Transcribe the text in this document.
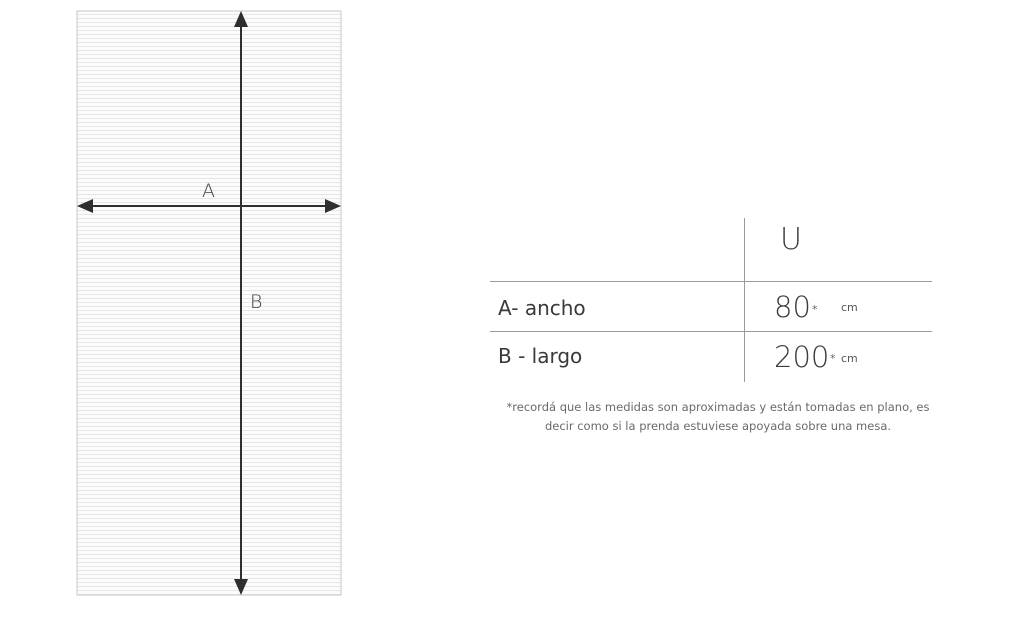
A
B
U
A- ancho	80 * cm
B - largo	200 * cm
*recordá que las medidas son aproximadas y están tomadas en plano, es
decir como si la prenda estuviese apoyada sobre una mesa.
